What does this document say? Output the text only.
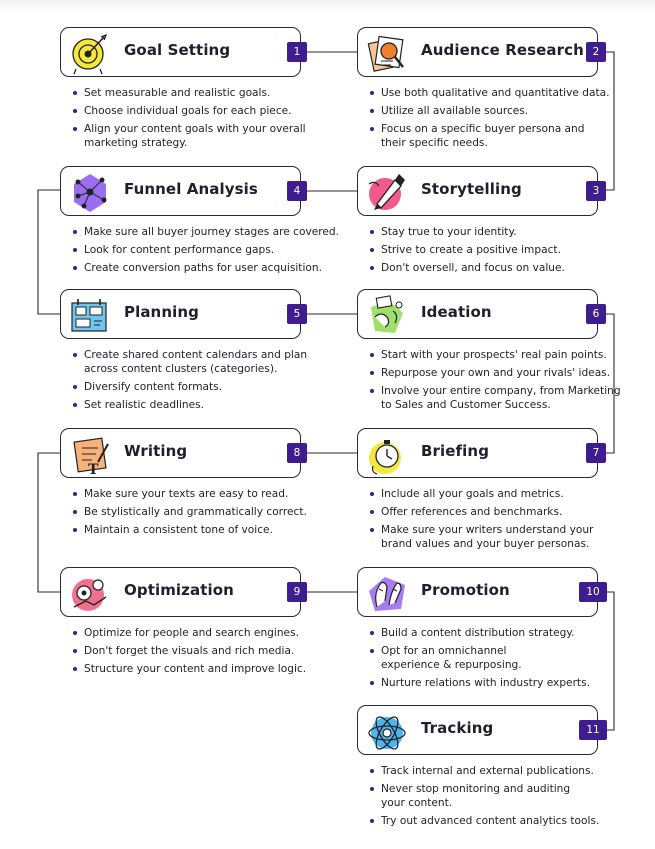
Goal Setting	1
Set measurable and realistic goals.
Choose individual goals for each piece.
Align your content goals with your overall marketing strategy.
Audience Research 2
Use both qualitative and quantitative data.
Utilize all available sources.
Focus on a specific buyer persona and their specific needs.
Funnel Analysis	4
Make sure all buyer journey stages are covered.
Look for content performance gaps.
Create conversion paths for user acquisition.
Storytelling	3
Stay true to your identity.
Strive to create a positive impact.
Don't oversell, and focus on value.
Planning	5
Create shared content calendars and plan across content clusters (categories).
Diversify content formats.
Set realistic deadlines.
Ideation	6
Start with your prospects' real pain points.
Repurpose your own and your rivals' ideas.
Involve your entire company, from Marketing to Sales and Customer Success.
T
Writing	8
Make sure your texts are easy to read.
Be stylistically and grammatically correct.
Maintain a consistent tone of voice.
Briefing	7
Include all your goals and metrics.
Offer references and benchmarks.
Make sure your writers understand your brand values and your buyer personas.
Optimization	9
Optimize for people and search engines.
Don't forget the visuals and rich media.
Structure your content and improve logic.
Promotion	10
Build a content distribution strategy.
Opt for an omnichannel experience & repurposing.
Nurture relations with industry experts.
Tracking	11
Track internal and external publications.
Never stop monitoring and auditing your content.
Try out advanced content analytics tools.
